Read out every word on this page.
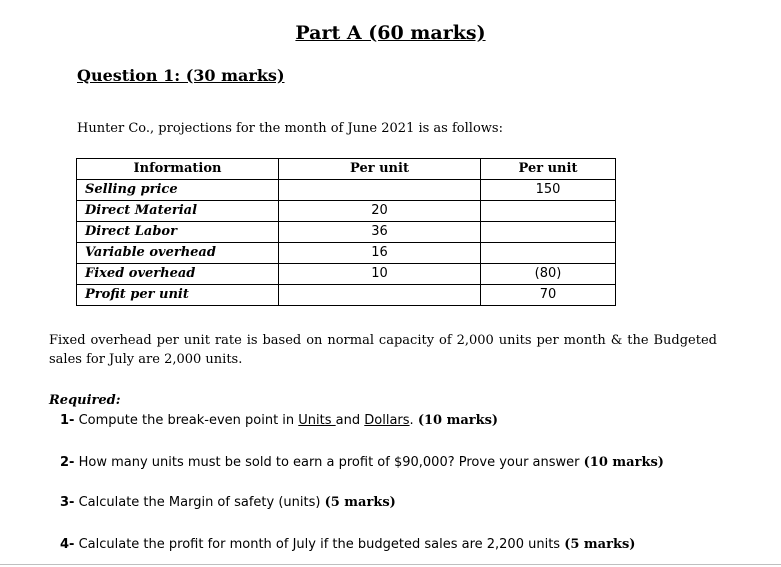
Part A (60 marks)
Question 1: (30 marks)
Hunter Co., projections for the month of June 2021 is as follows:
Information	Per unit	Per unit
Selling price		150
Direct Material	20	
Direct Labor	36	
Variable overhead	16	
Fixed overhead	10	(80)
Profit per unit		70
Fixed overhead per unit rate is based on normal capacity of 2,000 units per month & the Budgeted sales for July are 2,000 units.
Required:
1- Compute the break-even point in Units and Dollars. (10 marks)
2- How many units must be sold to earn a profit of $90,000? Prove your answer (10 marks)
3- Calculate the Margin of safety (units) (5 marks)
4- Calculate the profit for month of July if the budgeted sales are 2,200 units (5 marks)
